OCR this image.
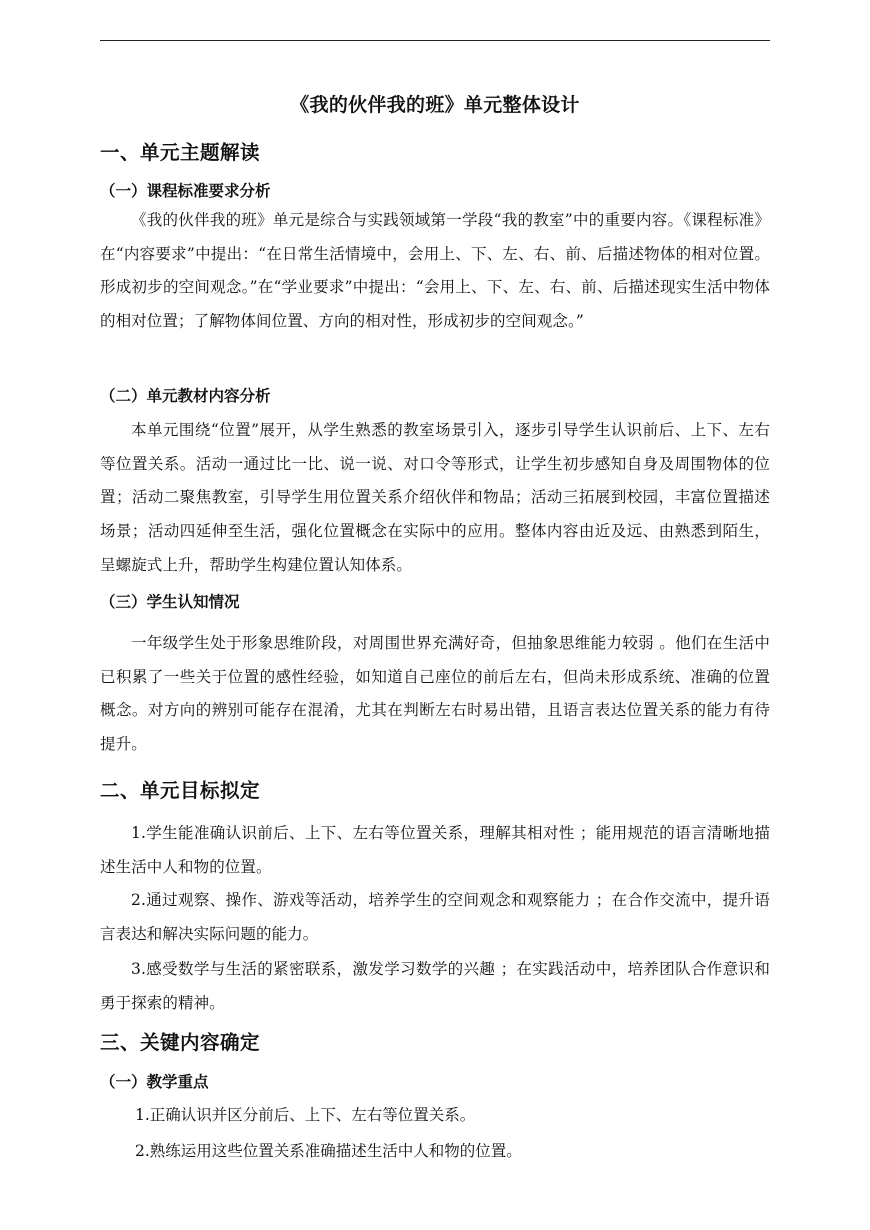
《我的伙伴我的班》单元整体设计
一、单元主题解读
（一）课程标准要求分析
《我的伙伴我的班》单元是综合与实践领域第一学段“我的教室”中的重要内容。《课程标准》 在“内容要求”中提出：“在日常生活情境中，会用上、下、左、右、前、后描述物体的相对位置。形成初步的空间观念。”在“学业要求”中提出：“会用上、下、左、右、前、后描述现实生活中物体的相对位置；了解物体间位置、方向的相对性，形成初步的空间观念。”
（二）单元教材内容分析
本单元围绕“位置”展开，从学生熟悉的教室场景引入，逐步引导学生认识前后、上下、左右等位置关系。活动一通过比一比、说一说、对口令等形式，让学生初步感知自身及周围物体的位置；活动二聚焦教室，引导学生用位置关系介绍伙伴和物品；活动三拓展到校园，丰富位置描述场景；活动四延伸至生活，强化位置概念在实际中的应用。整体内容由近及远、由熟悉到陌生，呈螺旋式上升，帮助学生构建位置认知体系。
（三）学生认知情况
一年级学生处于形象思维阶段，对周围世界充满好奇，但抽象思维能力较弱 。他们在生活中已积累了一些关于位置的感性经验，如知道自己座位的前后左右，但尚未形成系统、准确的位置概念。对方向的辨别可能存在混淆，尤其在判断左右时易出错，且语言表达位置关系的能力有待提升。
二、单元目标拟定
1.学生能准确认识前后、上下、左右等位置关系，理解其相对性 ；能用规范的语言清晰地描述生活中人和物的位置。
2.通过观察、操作、游戏等活动，培养学生的空间观念和观察能力 ；在合作交流中，提升语言表达和解决实际问题的能力。
3.感受数学与生活的紧密联系，激发学习数学的兴趣 ；在实践活动中，培养团队合作意识和勇于探索的精神。
三、关键内容确定
（一）教学重点
1.正确认识并区分前后、上下、左右等位置关系。
2.熟练运用这些位置关系准确描述生活中人和物的位置。
